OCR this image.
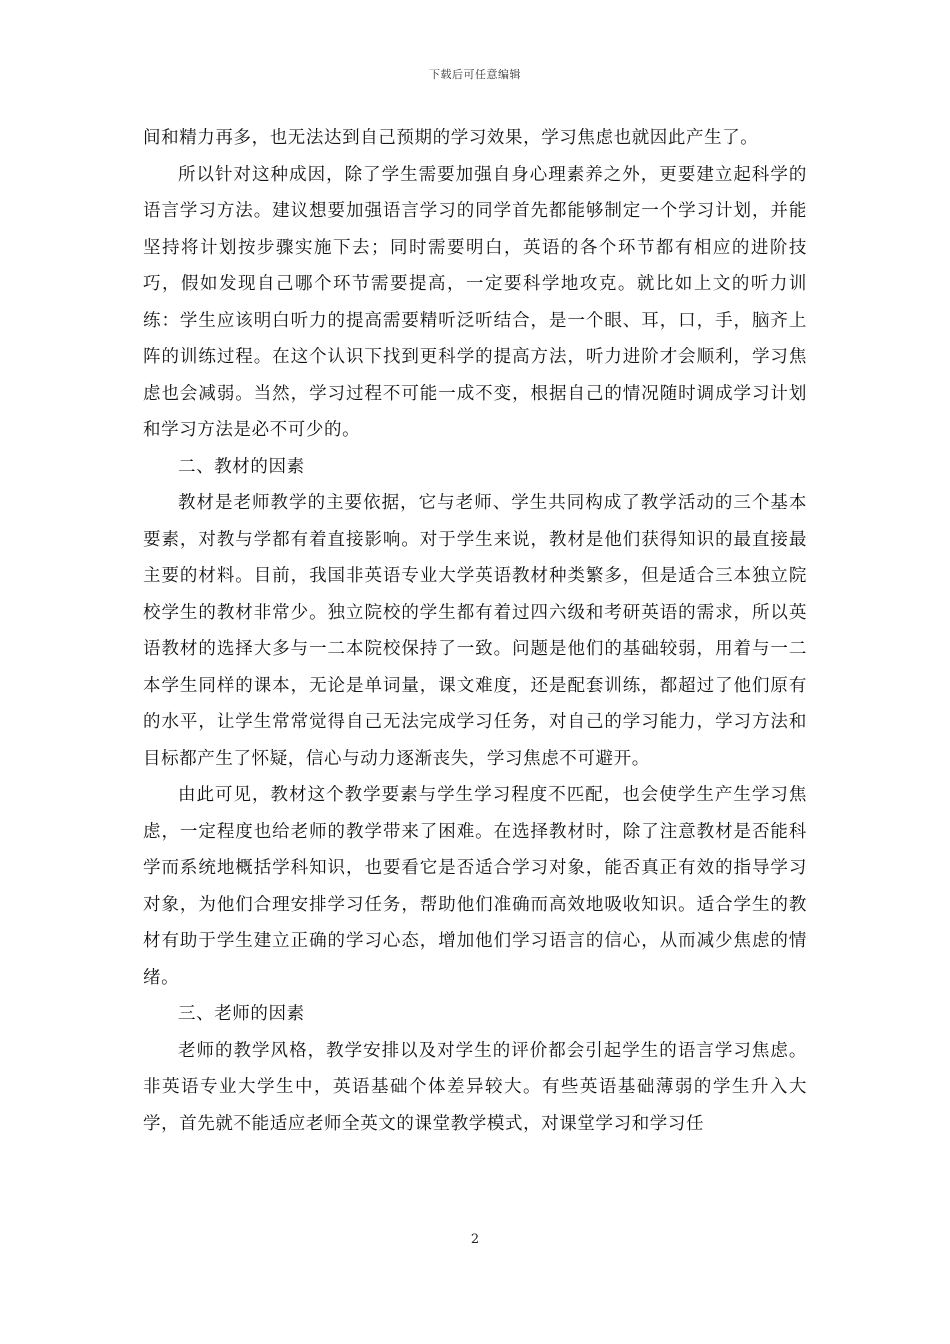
下载后可任意编辑

间和精力再多，也无法达到自己预期的学习效果，学习焦虑也就因此产生了。

所以针对这种成因，除了学生需要加强自身心理素养之外，更要建立起科学的语言学习方法。建议想要加强语言学习的同学首先都能够制定一个学习计划，并能坚持将计划按步骤实施下去；同时需要明白，英语的各个环节都有相应的进阶技巧，假如发现自己哪个环节需要提高，一定要科学地攻克。就比如上文的听力训练：学生应该明白听力的提高需要精听泛听结合，是一个眼、耳，口，手，脑齐上阵的训练过程。在这个认识下找到更科学的提高方法，听力进阶才会顺利，学习焦虑也会减弱。当然，学习过程不可能一成不变，根据自己的情况随时调成学习计划和学习方法是必不可少的。

二、教材的因素

教材是老师教学的主要依据，它与老师、学生共同构成了教学活动的三个基本要素，对教与学都有着直接影响。对于学生来说，教材是他们获得知识的最直接最主要的材料。目前，我国非英语专业大学英语教材种类繁多，但是适合三本独立院校学生的教材非常少。独立院校的学生都有着过四六级和考研英语的需求，所以英语教材的选择大多与一二本院校保持了一致。问题是他们的基础较弱，用着与一二本学生同样的课本，无论是单词量，课文难度，还是配套训练，都超过了他们原有的水平，让学生常常觉得自己无法完成学习任务，对自己的学习能力，学习方法和目标都产生了怀疑，信心与动力逐渐丧失，学习焦虑不可避开。

由此可见，教材这个教学要素与学生学习程度不匹配，也会使学生产生学习焦虑，一定程度也给老师的教学带来了困难。在选择教材时，除了注意教材是否能科学而系统地概括学科知识，也要看它是否适合学习对象，能否真正有效的指导学习对象，为他们合理安排学习任务，帮助他们准确而高效地吸收知识。适合学生的教材有助于学生建立正确的学习心态，增加他们学习语言的信心，从而减少焦虑的情绪。

三、老师的因素

老师的教学风格，教学安排以及对学生的评价都会引起学生的语言学习焦虑。非英语专业大学生中，英语基础个体差异较大。有些英语基础薄弱的学生升入大学，首先就不能适应老师全英文的课堂教学模式，对课堂学习和学习任

2
